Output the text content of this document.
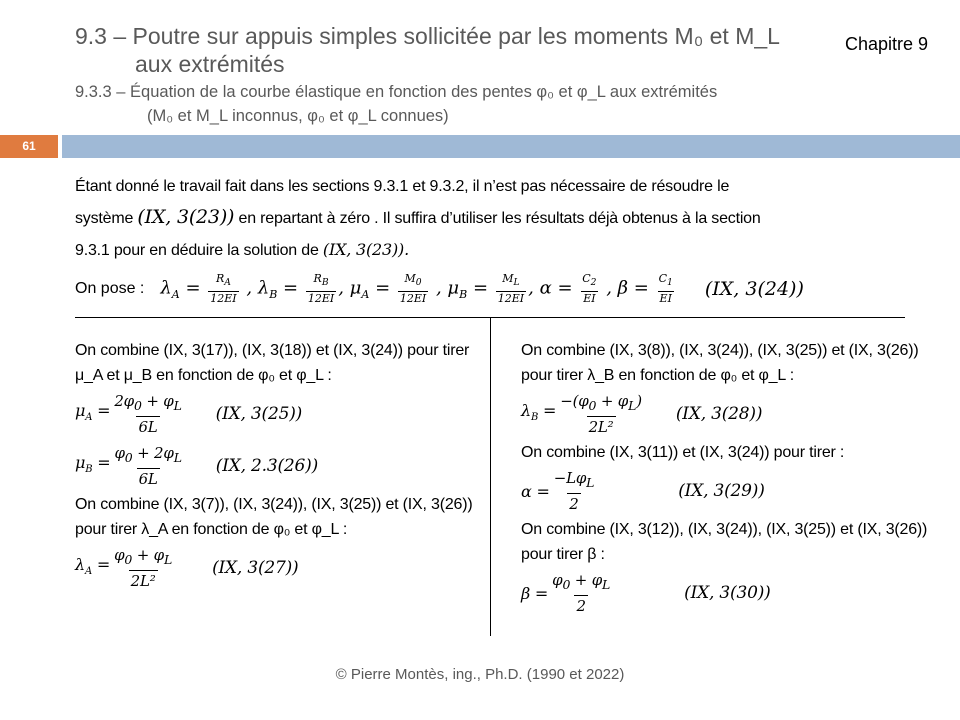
9.3 – Poutre sur appuis simples sollicitée par les moments M₀ et M_L
aux extrémités
Chapitre 9
9.3.3 – Équation de la courbe élastique en fonction des pentes φ₀ et φ_L aux extrémités
(M₀ et M_L inconnus, φ₀ et φ_L connues)
61
Étant donné le travail fait dans les sections 9.3.1 et 9.3.2, il n’est pas nécessaire de résoudre le
système (IX, 3(23)) en repartant à zéro . Il suffira d’utiliser les résultats déjà obtenus à la section
9.3.1 pour en déduire la solution de (IX, 3(23)).
On pose : $\lambda_A = \frac{R_A}{12EI}$ , $\lambda_B = \frac{R_B}{12EI}$ , $\mu_A = \frac{M_0}{12EI}$ , $\mu_B = \frac{M_L}{12EI}$ , $\alpha = \frac{C_2}{EI}$ , $\beta = \frac{C_1}{EI} (IX$, 3(24))
On combine (IX, 3(17)), (IX, 3(18)) et (IX, 3(24)) pour tirer μ_A et μ_B en fonction de φ₀ et φ_L :
$\mu_A = \frac{2\varphi_0 + \varphi_L}{6L} (IX$, 3(25))
$\mu_B = \frac{\varphi_0 + 2\varphi_L}{6L} (IX$, 2.3(26))
On combine (IX, 3(7)), (IX, 3(24)), (IX, 3(25)) et (IX, 3(26)) pour tirer λ_A en fonction de φ₀ et φ_L :
$\lambda_A = \frac{\varphi_0 + \varphi_L}{\text{2L²}} (IX$, 3(27))
On combine (IX, 3(8)), (IX, 3(24)), (IX, 3(25)) et (IX, 3(26)) pour tirer λ_B en fonction de φ₀ et φ_L :
$\lambda_B = \frac{-(\varphi_0 + \varphi_L)}{\text{2L²}} (IX$, 3(28))
On combine (IX, 3(11)) et (IX, 3(24)) pour tirer :
$\alpha = \frac{-L\varphi_L}{2}$	(IX, 3(29))
On combine (IX, 3(12)), (IX, 3(24)), (IX, 3(25)) et (IX, 3(26)) pour tirer β :
$\beta = \frac{\varphi_0 + \varphi_L}{2}$	(IX, 3(30))
© Pierre Montès, ing., Ph.D. (1990 et 2022)
